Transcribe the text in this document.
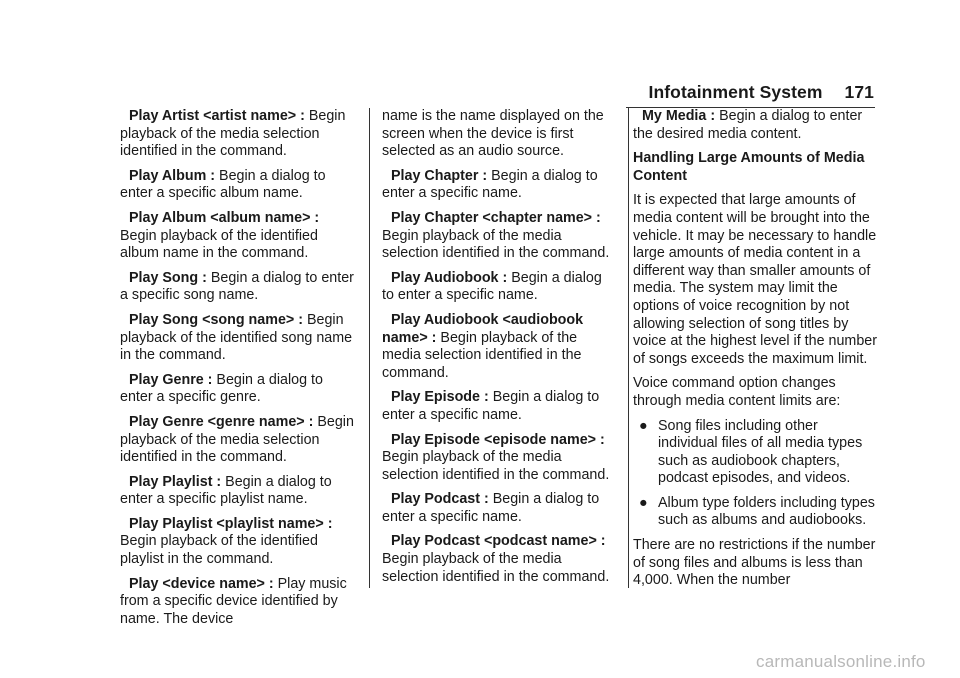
Infotainment System 171
Play Artist <artist name> : Begin playback of the media selection identified in the command.
Play Album : Begin a dialog to enter a specific album name.
Play Album <album name> : Begin playback of the identified album name in the command.
Play Song : Begin a dialog to enter a specific song name.
Play Song <song name> : Begin playback of the identified song name in the command.
Play Genre : Begin a dialog to enter a specific genre.
Play Genre <genre name> : Begin playback of the media selection identified in the command.
Play Playlist : Begin a dialog to enter a specific playlist name.
Play Playlist <playlist name> : Begin playback of the identified playlist in the command.
Play <device name> : Play music from a specific device identified by name. The device

name is the name displayed on the screen when the device is first selected as an audio source.

Play Chapter : Begin a dialog to enter a specific name.
Play Chapter <chapter name> : Begin playback of the media selection identified in the command.
Play Audiobook : Begin a dialog to enter a specific name.
Play Audiobook <audiobook name> : Begin playback of the media selection identified in the command.
Play Episode : Begin a dialog to enter a specific name.
Play Episode <episode name> : Begin playback of the media selection identified in the command.
Play Podcast : Begin a dialog to enter a specific name.
Play Podcast <podcast name> : Begin playback of the media selection identified in the command.
My Media : Begin a dialog to enter the desired media content.

Handling Large Amounts of Media Content

It is expected that large amounts of media content will be brought into the vehicle. It may be necessary to handle large amounts of media content in a different way than smaller amounts of media. The system may limit the options of voice recognition by not allowing selection of song titles by voice at the highest level if the number of songs exceeds the maximum limit.

Voice command option changes through media content limits are:

● Song files including other individual files of all media types such as audiobook chapters, podcast episodes, and videos.
● Album type folders including types such as albums and audiobooks.

There are no restrictions if the number of song files and albums is less than 4,000. When the number

carmanualsonline.info
